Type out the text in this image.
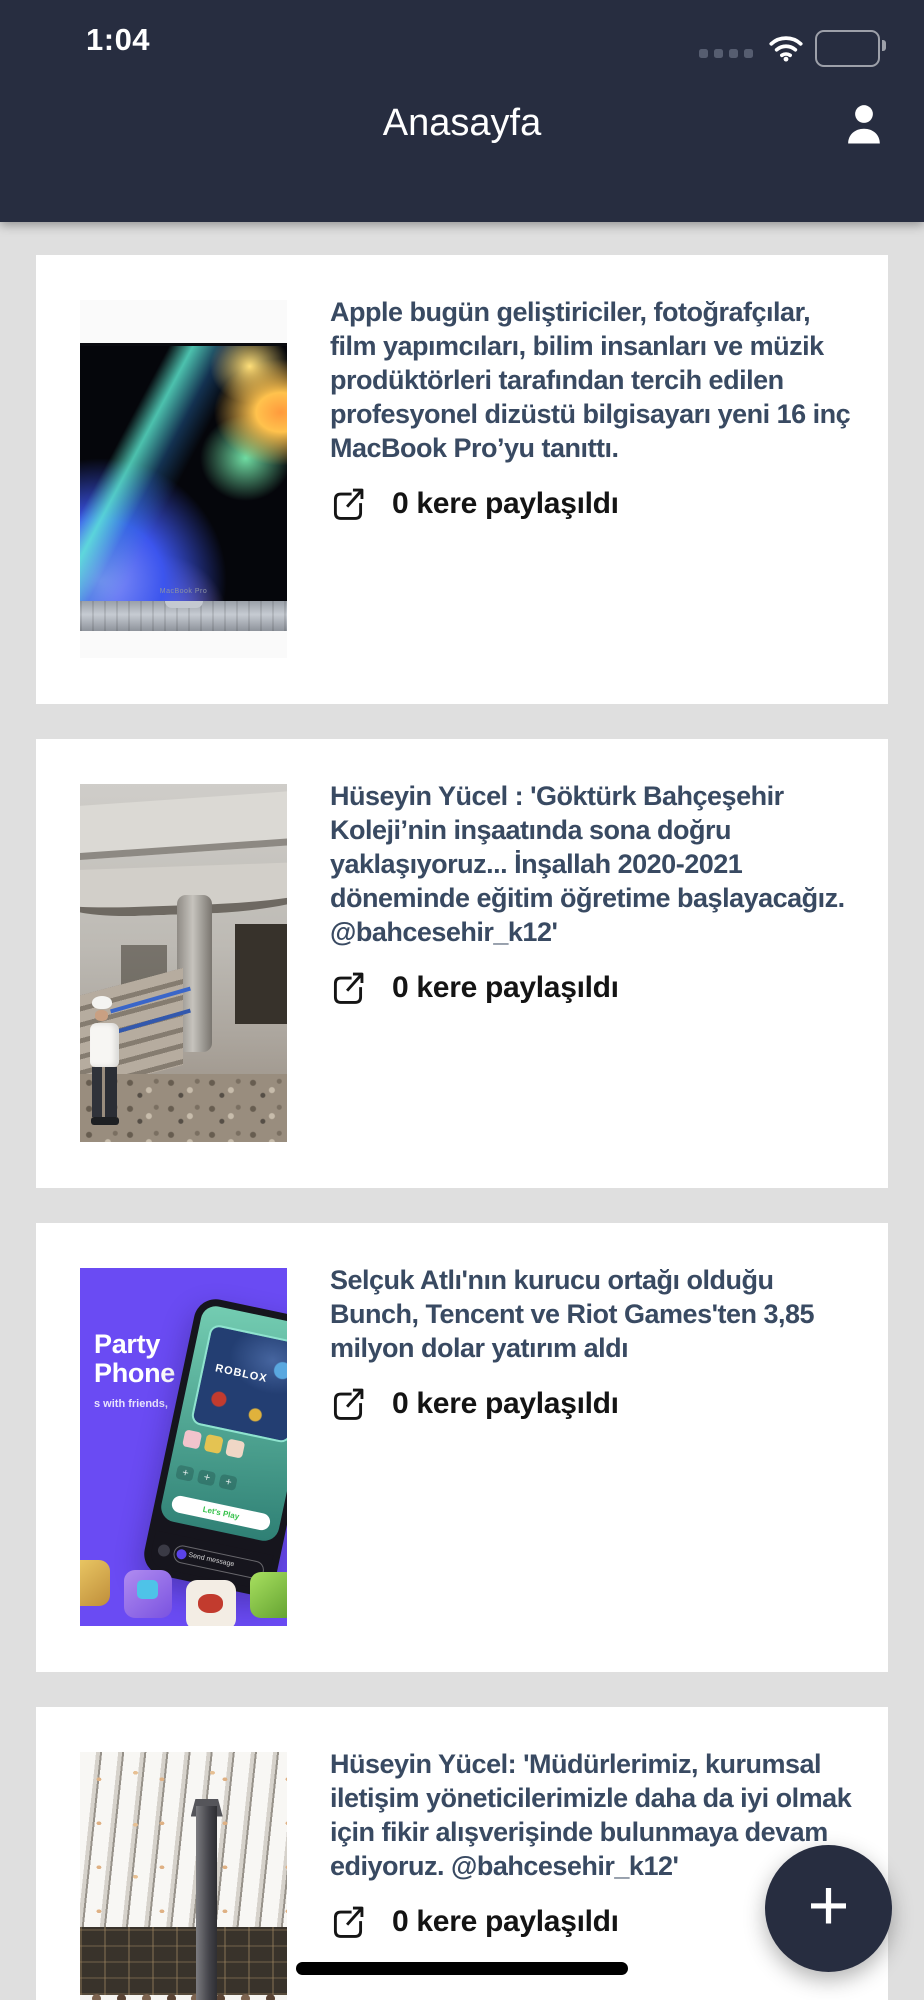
1:04
Anasayfa
MacBook Pro

Apple bugün geliştiriciler, fotoğrafçılar, film yapımcıları, bilim insanları ve müzik prodüktörleri tarafından tercih edilen profesyonel dizüstü bilgisayarı yeni 16 inç MacBook Pro’yu tanıttı.

0 kere paylaşıldı

Hüseyin Yücel : 'Göktürk Bahçeşehir Koleji’nin inşaatında sona doğru yaklaşıyoruz... İnşallah 2020-2021 döneminde eğitim öğretime başlayacağız. @bahcesehir_k12'

0 kere paylaşıldı
Party
Phone
s with friends,
ROBLOX
+	+	+
Let's Play
Send message

Selçuk Atlı'nın kurucu ortağı olduğu Bunch, Tencent ve Riot Games'ten 3,85 milyon dolar yatırım aldı

0 kere paylaşıldı

Hüseyin Yücel: 'Müdürlerimiz, kurumsal iletişim yöneticilerimizle daha da iyi olmak için fikir alışverişinde bulunmaya devam ediyoruz. @bahcesehir_k12'

0 kere paylaşıldı	+
